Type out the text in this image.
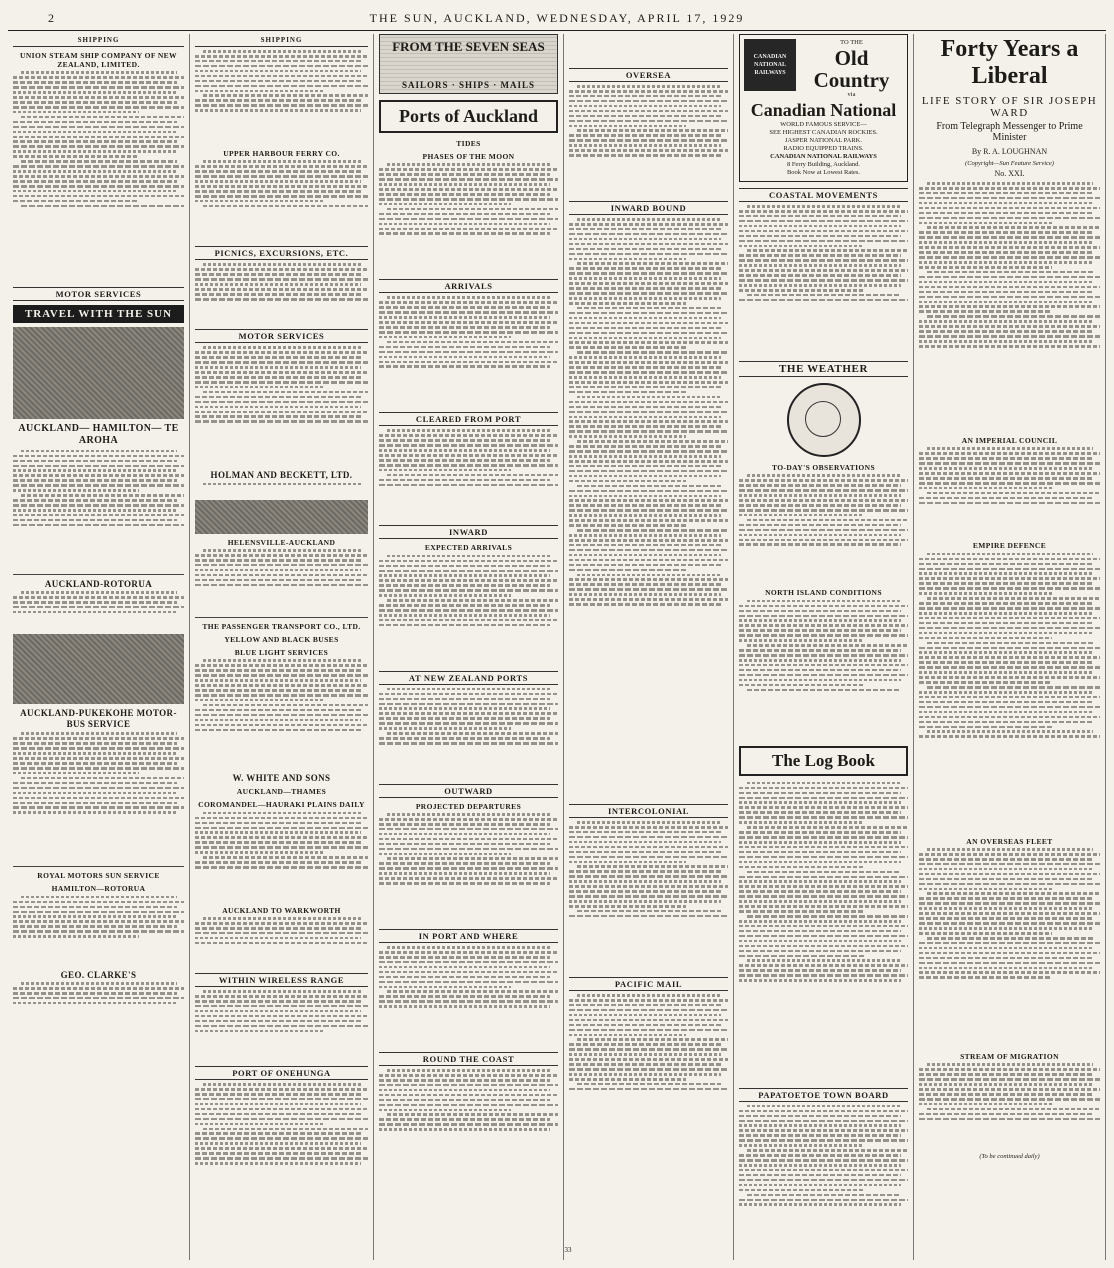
2	THE SUN, AUCKLAND, WEDNESDAY, APRIL 17, 1929
SHIPPING
UNION STEAM SHIP COMPANY OF NEW ZEALAND, LIMITED.
MOTOR SERVICES
TRAVEL WITH THE SUN
AUCKLAND— HAMILTON— TE AROHA
AUCKLAND-ROTORUA
AUCKLAND-PUKEKOHE MOTOR-BUS SERVICE
ROYAL MOTORS SUN SERVICE
HAMILTON—ROTORUA
GEO. CLARKE'S
SHIPPING
UPPER HARBOUR FERRY CO.
PICNICS, EXCURSIONS, ETC.
MOTOR SERVICES
HOLMAN AND BECKETT, LTD.
HELENSVILLE-AUCKLAND
THE PASSENGER TRANSPORT CO., LTD.
YELLOW AND BLACK BUSES
BLUE LIGHT SERVICES
W. WHITE AND SONS
AUCKLAND—THAMES
COROMANDEL—HAURAKI PLAINS DAILY
AUCKLAND TO WARKWORTH
WITHIN WIRELESS RANGE
PORT OF ONEHUNGA
FROM THE SEVEN SEAS
SAILORS · SHIPS · MAILS
Ports of Auckland
TIDES
PHASES OF THE MOON
ARRIVALS
CLEARED FROM PORT
INWARD
EXPECTED ARRIVALS
AT NEW ZEALAND PORTS
OUTWARD
PROJECTED DEPARTURES
IN PORT AND WHERE
ROUND THE COAST
OVERSEA
INWARD BOUND
INTERCOLONIAL
PACIFIC MAIL
CANADIAN NATIONAL RAILWAYS
TO THE
Old Country
via
Canadian National
WORLD FAMOUS SERVICE—
SEE HIGHEST CANADIAN ROCKIES.
JASPER NATIONAL PARK.
RADIO EQUIPPED TRAINS.
CANADIAN NATIONAL RAILWAYS
8 Ferry Building, Auckland.
Book Now at Lowest Rates.
COASTAL MOVEMENTS
THE WEATHER
TO-DAY'S OBSERVATIONS
NORTH ISLAND CONDITIONS
The Log Book
PAPATOETOE TOWN BOARD
Forty Years a Liberal
LIFE STORY OF SIR JOSEPH WARD
From Telegraph Messenger to Prime Minister
By R. A. LOUGHNAN
(Copyright—Sun Feature Service)
No. XXI.
AN IMPERIAL COUNCIL
EMPIRE DEFENCE
AN OVERSEAS FLEET
STREAM OF MIGRATION
(To be continued daily)
33
